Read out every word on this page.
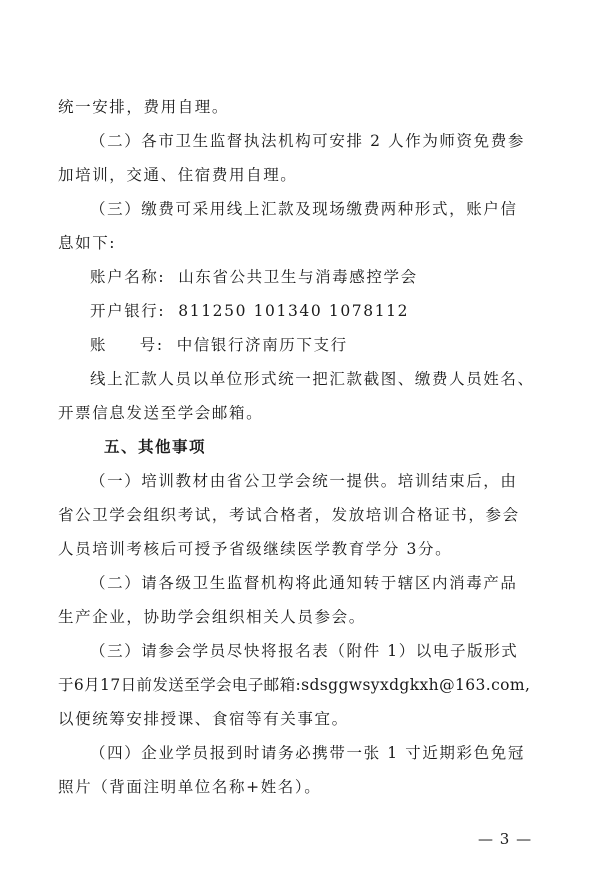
统一安排，费用自理。
（二）各市卫生监督执法机构可安排 2 人作为师资免费参
加培训，交通、住宿费用自理。
（三）缴费可采用线上汇款及现场缴费两种形式，账户信
息如下:
账户名称:  山东省公共卫生与消毒感控学会
开户银行:  811250 101340 1078112
账     号:  中信银行济南历下支行
线上汇款人员以单位形式统一把汇款截图、缴费人员姓名、
开票信息发送至学会邮箱。
五、其他事项
（一）培训教材由省公卫学会统一提供。培训结束后，由
省公卫学会组织考试，考试合格者，发放培训合格证书，参会
人员培训考核后可授予省级继续医学教育学分 3分。
（二）请各级卫生监督机构将此通知转于辖区内消毒产品
生产企业，协助学会组织相关人员参会。
（三）请参会学员尽快将报名表（附件 1）以电子版形式
于6月17日前发送至学会电子邮箱:sdsggwsyxdgkxh@163.com,
以便统筹安排授课、食宿等有关事宜。
（四）企业学员报到时请务必携带一张 1 寸近期彩色免冠
照片（背面注明单位名称+姓名）。
— 3 —
